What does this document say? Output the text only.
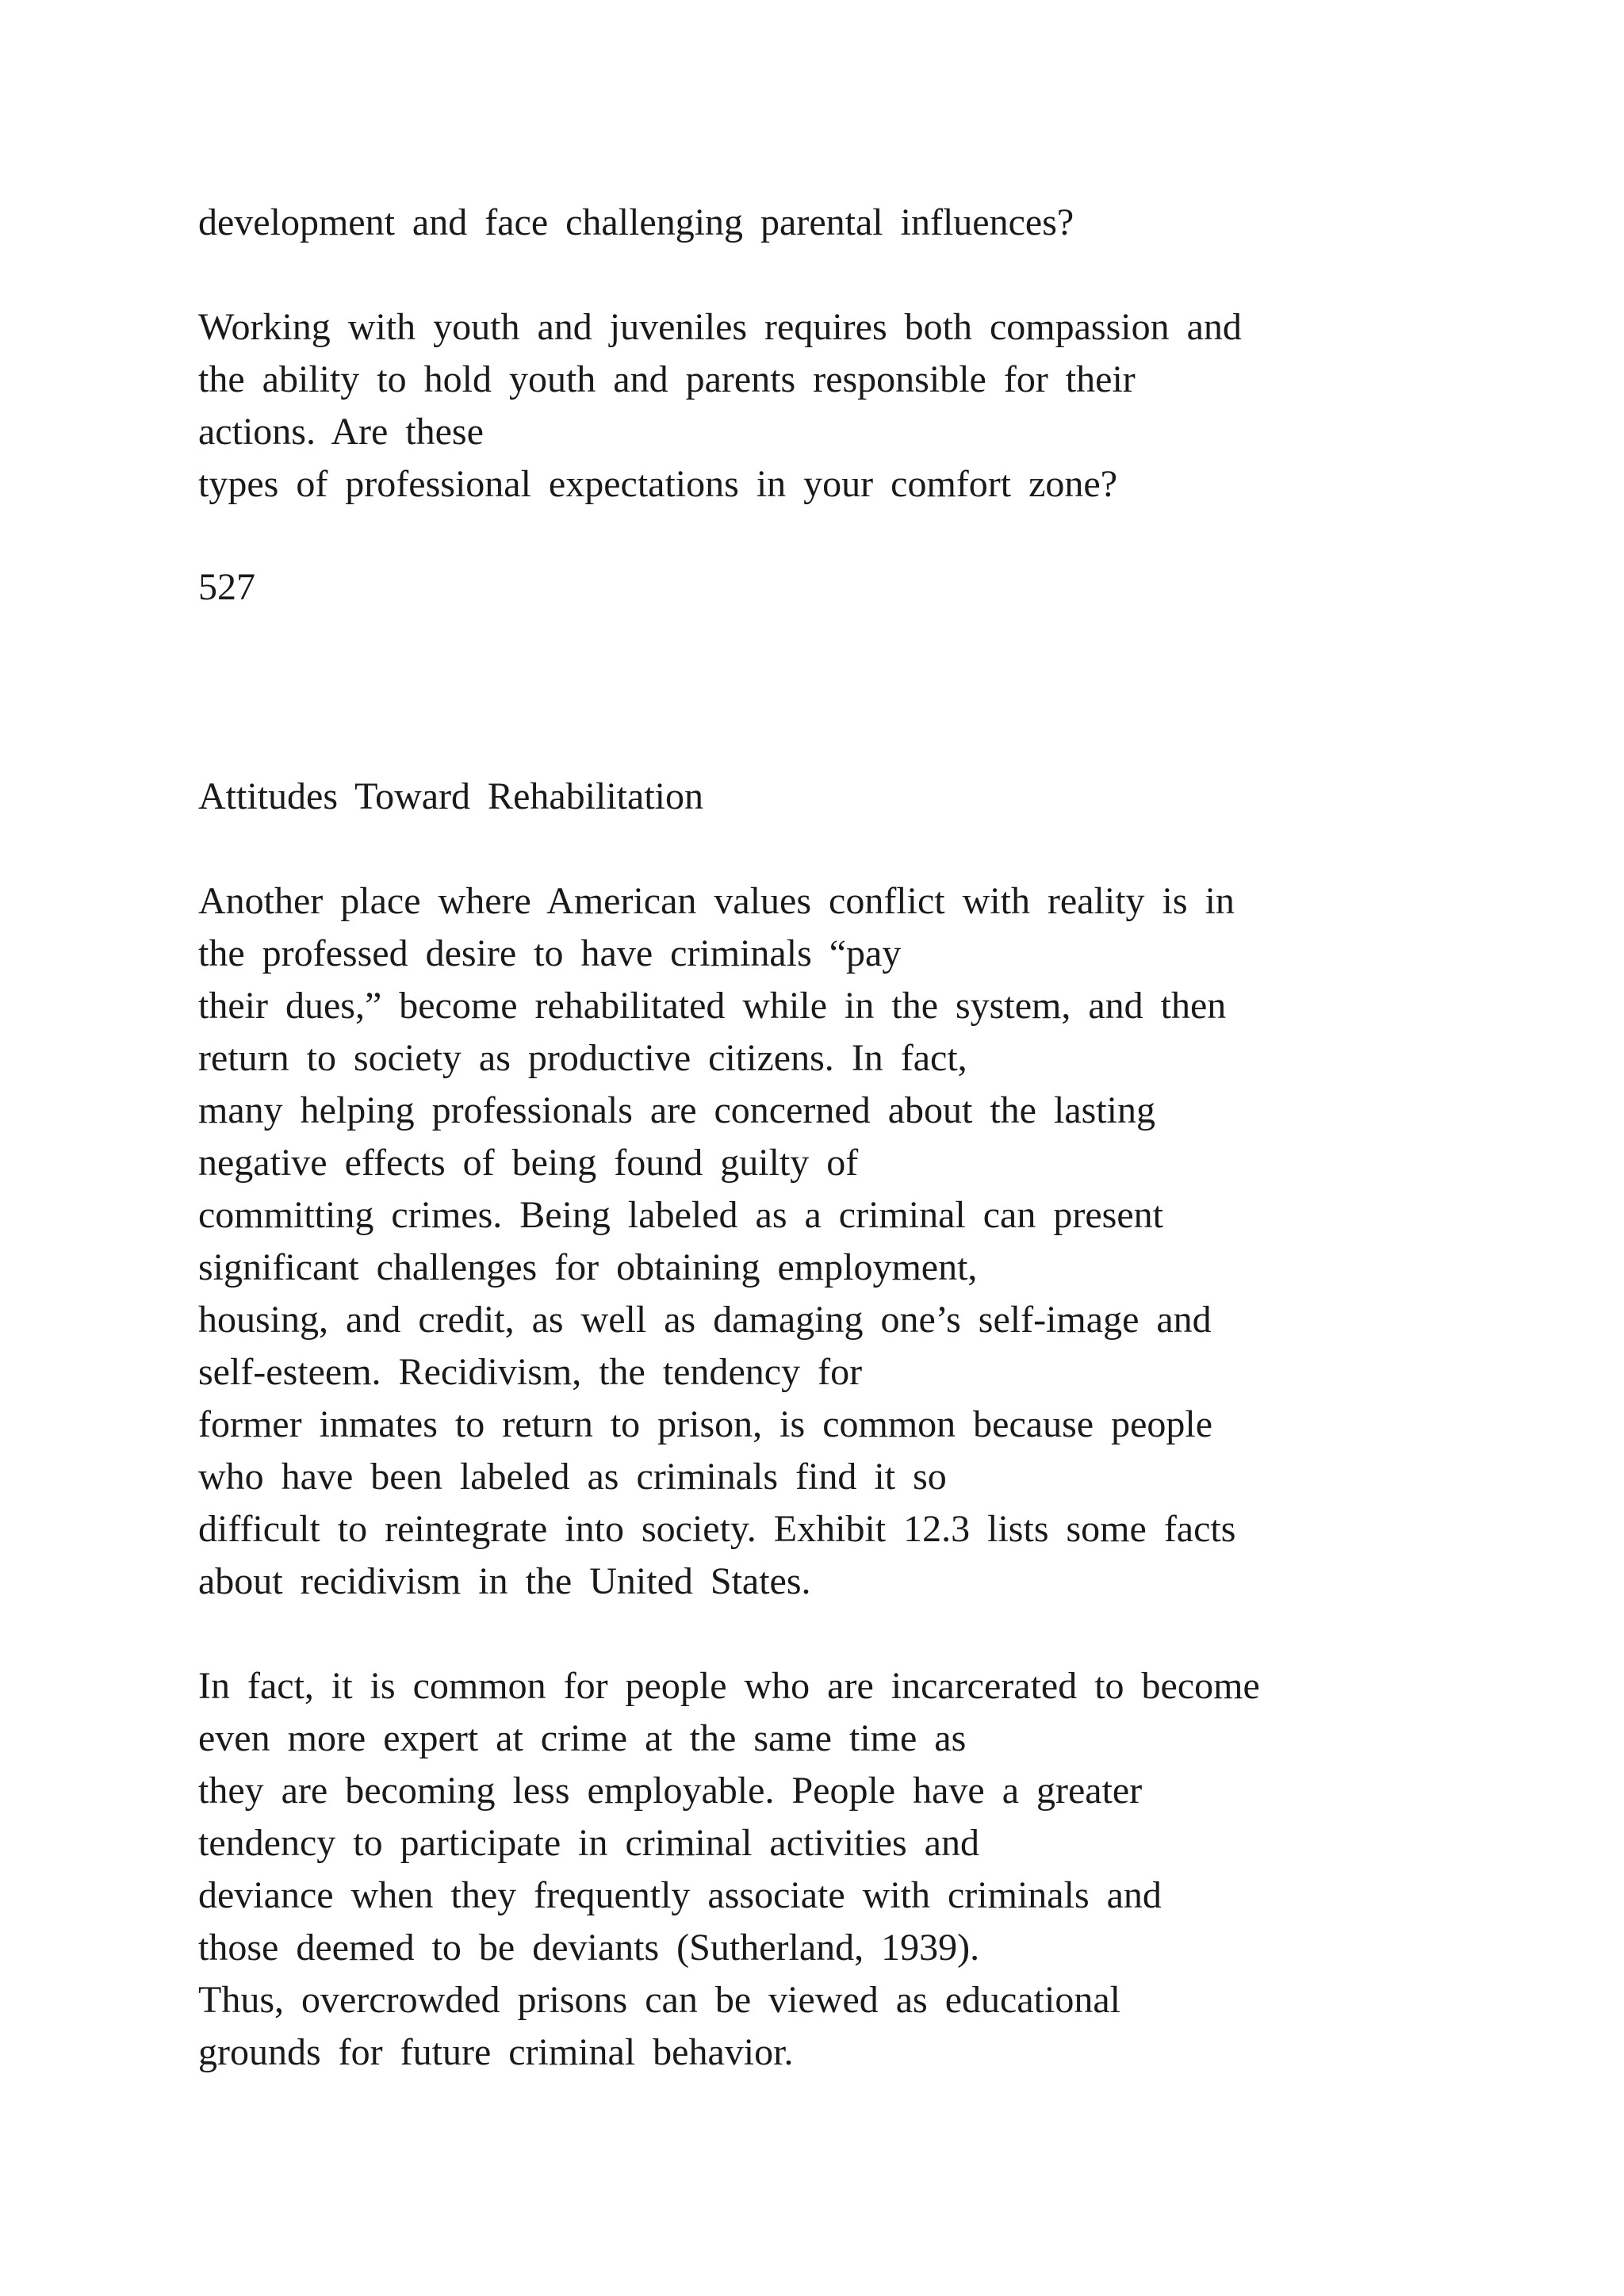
development and face challenging parental influences?
Working with youth and juveniles requires both compassion and
the ability to hold youth and parents responsible for their
actions. Are these
types of professional expectations in your comfort zone?
527
Attitudes Toward Rehabilitation
Another place where American values conflict with reality is in
the professed desire to have criminals “pay
their dues,” become rehabilitated while in the system, and then
return to society as productive citizens. In fact,
many helping professionals are concerned about the lasting
negative effects of being found guilty of
committing crimes. Being labeled as a criminal can present
significant challenges for obtaining employment,
housing, and credit, as well as damaging one’s self-image and
self-esteem. Recidivism, the tendency for
former inmates to return to prison, is common because people
who have been labeled as criminals find it so
difficult to reintegrate into society. Exhibit 12.3 lists some facts
about recidivism in the United States.
In fact, it is common for people who are incarcerated to become
even more expert at crime at the same time as
they are becoming less employable. People have a greater
tendency to participate in criminal activities and
deviance when they frequently associate with criminals and
those deemed to be deviants (Sutherland, 1939).
Thus, overcrowded prisons can be viewed as educational
grounds for future criminal behavior.
